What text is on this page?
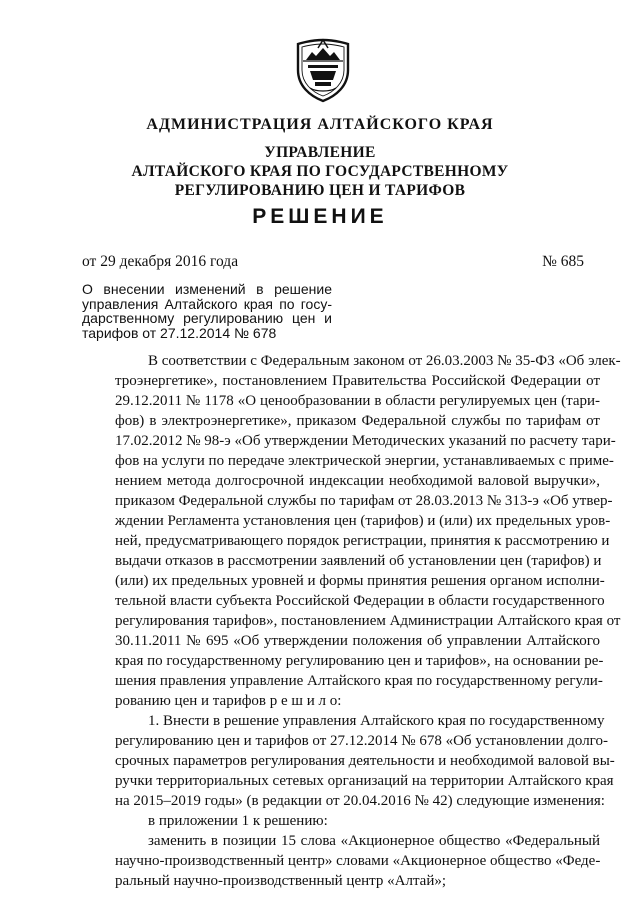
АДМИНИСТРАЦИЯ АЛТАЙСКОГО КРАЯ
УПРАВЛЕНИЕ
АЛТАЙСКОГО КРАЯ ПО ГОСУДАРСТВЕННОМУ
РЕГУЛИРОВАНИЮ ЦЕН И ТАРИФОВ
РЕШЕНИЕ
от 29 декабря 2016 года	№ 685
О внесении изменений в решение
управления Алтайского края по госу-
дарственному регулированию цен и
тарифов от 27.12.2014 № 678
В соответствии с Федеральным законом от 26.03.2003 № 35-ФЗ «Об элек-
троэнергетике», постановлением Правительства Российской Федерации от
29.12.2011 № 1178 «О ценообразовании в области регулируемых цен (тари-
фов) в электроэнергетике», приказом Федеральной службы по тарифам от
17.02.2012 № 98-э «Об утверждении Методических указаний по расчету тари-
фов на услуги по передаче электрической энергии, устанавливаемых с приме-
нением метода долгосрочной индексации необходимой валовой выручки»,
приказом Федеральной службы по тарифам от 28.03.2013 № 313-э «Об утвер-
ждении Регламента установления цен (тарифов) и (или) их предельных уров-
ней, предусматривающего порядок регистрации, принятия к рассмотрению и
выдачи отказов в рассмотрении заявлений об установлении цен (тарифов) и
(или) их предельных уровней и формы принятия решения органом исполни-
тельной власти субъекта Российской Федерации в области государственного
регулирования тарифов», постановлением Администрации Алтайского края от
30.11.2011 № 695 «Об утверждении положения об управлении Алтайского
края по государственному регулированию цен и тарифов», на основании ре-
шения правления управление Алтайского края по государственному регули-
рованию цен и тарифов р е ш и л о:
1. Внести в решение управления Алтайского края по государственному
регулированию цен и тарифов от 27.12.2014 № 678 «Об установлении долго-
срочных параметров регулирования деятельности и необходимой валовой вы-
ручки территориальных сетевых организаций на территории Алтайского края
на 2015–2019 годы» (в редакции от 20.04.2016 № 42) следующие изменения:
в приложении 1 к решению:
заменить в позиции 15 слова «Акционерное общество «Федеральный
научно-производственный центр» словами «Акционерное общество «Феде-
ральный научно-производственный центр «Алтай»;
